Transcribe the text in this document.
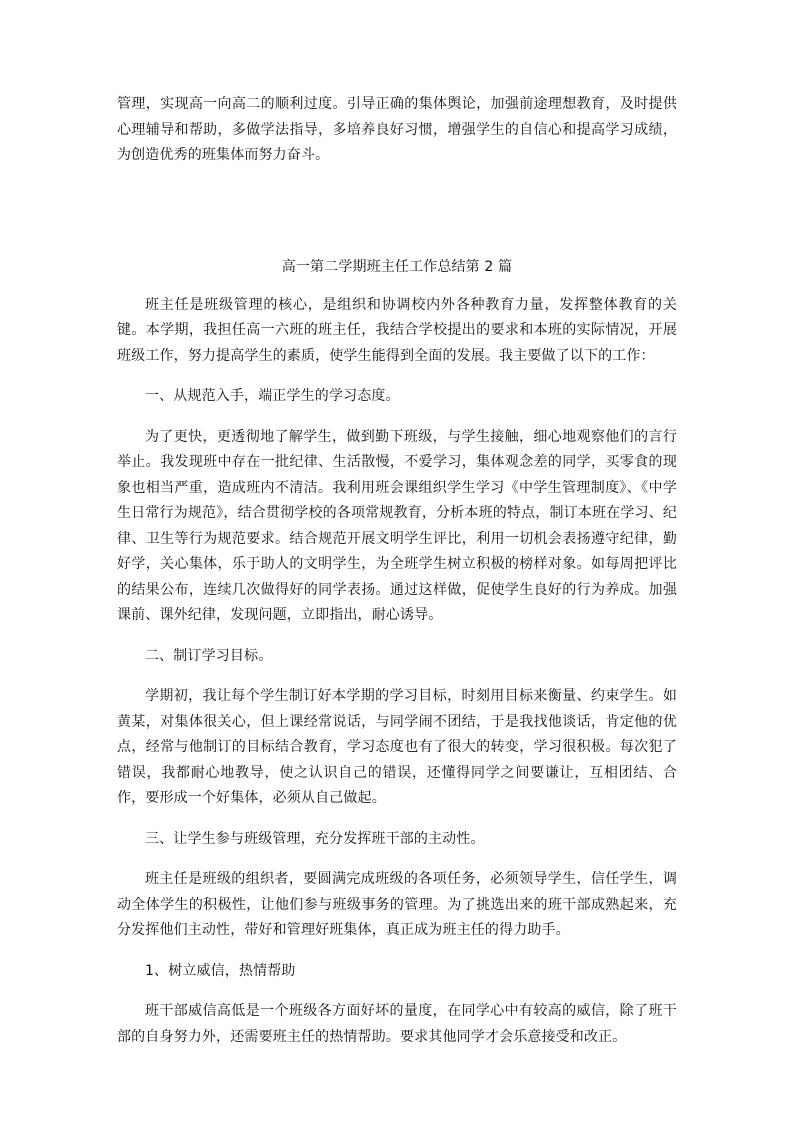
管理，实现高一向高二的顺利过度。引导正确的集体舆论，加强前途理想教育，及时提供心理辅导和帮助，多做学法指导，多培养良好习惯，增强学生的自信心和提高学习成绩，为创造优秀的班集体而努力奋斗。

高一第二学期班主任工作总结第 2 篇

班主任是班级管理的核心，是组织和协调校内外各种教育力量，发挥整体教育的关键。本学期，我担任高一六班的班主任，我结合学校提出的要求和本班的实际情况，开展班级工作，努力提高学生的素质，使学生能得到全面的发展。我主要做了以下的工作：

一、从规范入手，端正学生的学习态度。

为了更快，更透彻地了解学生，做到勤下班级，与学生接触，细心地观察他们的言行举止。我发现班中存在一批纪律、生活散慢，不爱学习，集体观念差的同学，买零食的现象也相当严重，造成班内不清洁。我利用班会课组织学生学习《中学生管理制度》、《中学生日常行为规范》，结合贯彻学校的各项常规教育，分析本班的特点，制订本班在学习、纪律、卫生等行为规范要求。结合规范开展文明学生评比，利用一切机会表扬遵守纪律，勤好学，关心集体，乐于助人的文明学生，为全班学生树立积极的榜样对象。如每周把评比的结果公布，连续几次做得好的同学表扬。通过这样做，促使学生良好的行为养成。加强课前、课外纪律，发现问题，立即指出，耐心诱导。

二、制订学习目标。

学期初，我让每个学生制订好本学期的学习目标，时刻用目标来衡量、约束学生。如黄某，对集体很关心，但上课经常说话，与同学闹不团结，于是我找他谈话，肯定他的优点，经常与他制订的目标结合教育，学习态度也有了很大的转变，学习很积极。每次犯了错误，我都耐心地教导，使之认识自己的错误，还懂得同学之间要谦让，互相团结、合作，要形成一个好集体，必须从自己做起。

三、让学生参与班级管理，充分发挥班干部的主动性。

班主任是班级的组织者，要圆满完成班级的各项任务，必须领导学生，信任学生，调动全体学生的积极性，让他们参与班级事务的管理。为了挑选出来的班干部成熟起来，充分发挥他们主动性，带好和管理好班集体，真正成为班主任的得力助手。

1、树立威信，热情帮助

班干部威信高低是一个班级各方面好坏的量度，在同学心中有较高的威信，除了班干部的自身努力外，还需要班主任的热情帮助。要求其他同学才会乐意接受和改正。
